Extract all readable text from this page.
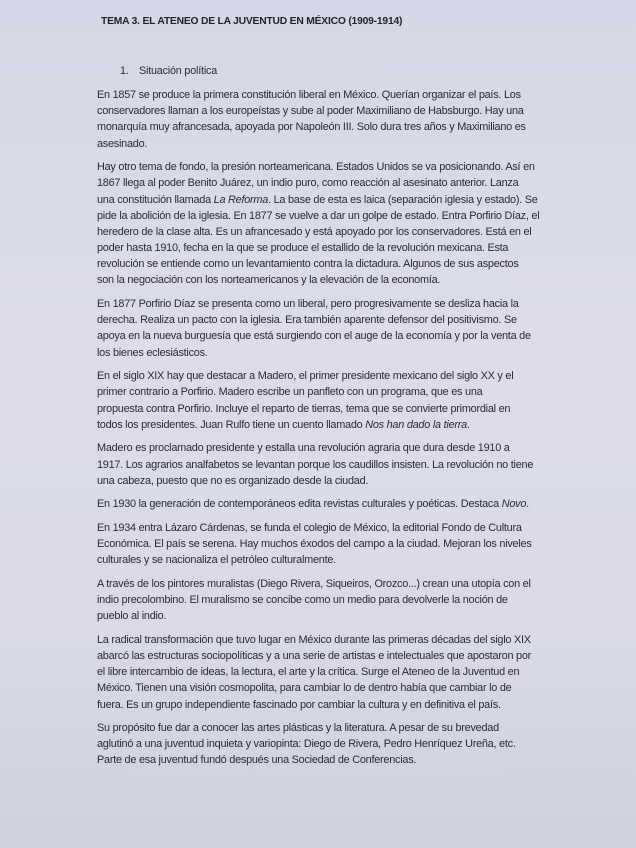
TEMA 3. EL ATENEO DE LA JUVENTUD EN MÉXICO (1909-1914)
1. Situación política
En 1857 se produce la primera constitución liberal en México. Querían organizar el país. Los
conservadores llaman a los europeístas y sube al poder Maximiliano de Habsburgo. Hay una
monarquía muy afrancesada, apoyada por Napoleón III. Solo dura tres años y Maximiliano es
asesinado.
Hay otro tema de fondo, la presión norteamericana. Estados Unidos se va posicionando. Así en
1867 llega al poder Benito Juárez, un indio puro, como reacción al asesinato anterior. Lanza
una constitución llamada La Reforma. La base de esta es laica (separación iglesia y estado). Se
pide la abolición de la iglesia. En 1877 se vuelve a dar un golpe de estado. Entra Porfirio Díaz, el
heredero de la clase alta. Es un afrancesado y está apoyado por los conservadores. Está en el
poder hasta 1910, fecha en la que se produce el estallido de la revolución mexicana. Esta
revolución se entiende como un levantamiento contra la dictadura. Algunos de sus aspectos
son la negociación con los norteamericanos y la elevación de la economía.
En 1877 Porfirio Díaz se presenta como un liberal, pero progresivamente se desliza hacia la
derecha. Realiza un pacto con la iglesia. Era también aparente defensor del positivismo. Se
apoya en la nueva burguesía que está surgiendo con el auge de la economía y por la venta de
los bienes eclesiásticos.
En el siglo XIX hay que destacar a Madero, el primer presidente mexicano del siglo XX y el
primer contrario a Porfirio. Madero escribe un panfleto con un programa, que es una
propuesta contra Porfirio. Incluye el reparto de tierras, tema que se convierte primordial en
todos los presidentes. Juan Rulfo tiene un cuento llamado Nos han dado la tierra.
Madero es proclamado presidente y estalla una revolución agraria que dura desde 1910 a
1917. Los agrarios analfabetos se levantan porque los caudillos insisten. La revolución no tiene
una cabeza, puesto que no es organizado desde la ciudad.
En 1930 la generación de contemporáneos edita revistas culturales y poéticas. Destaca Novo.
En 1934 entra Lázaro Cárdenas, se funda el colegio de México, la editorial Fondo de Cultura
Económica. El país se serena. Hay muchos éxodos del campo a la ciudad. Mejoran los niveles
culturales y se nacionaliza el petróleo culturalmente.
A través de los pintores muralistas (Diego Rivera, Siqueiros, Orozco...) crean una utopía con el
indio precolombino. El muralismo se concibe como un medio para devolverle la noción de
pueblo al indio.
La radical transformación que tuvo lugar en México durante las primeras décadas del siglo XIX
abarcó las estructuras sociopolíticas y a una serie de artistas e intelectuales que apostaron por
el libre intercambio de ideas, la lectura, el arte y la crítica. Surge el Ateneo de la Juventud en
México. Tienen una visión cosmopolita, para cambiar lo de dentro había que cambiar lo de
fuera. Es un grupo independiente fascinado por cambiar la cultura y en definitiva el país.
Su propósito fue dar a conocer las artes plásticas y la literatura. A pesar de su brevedad
aglutinó a una juventud inquieta y variopinta: Diego de Rivera, Pedro Henríquez Ureña, etc.
Parte de esa juventud fundó después una Sociedad de Conferencias.
